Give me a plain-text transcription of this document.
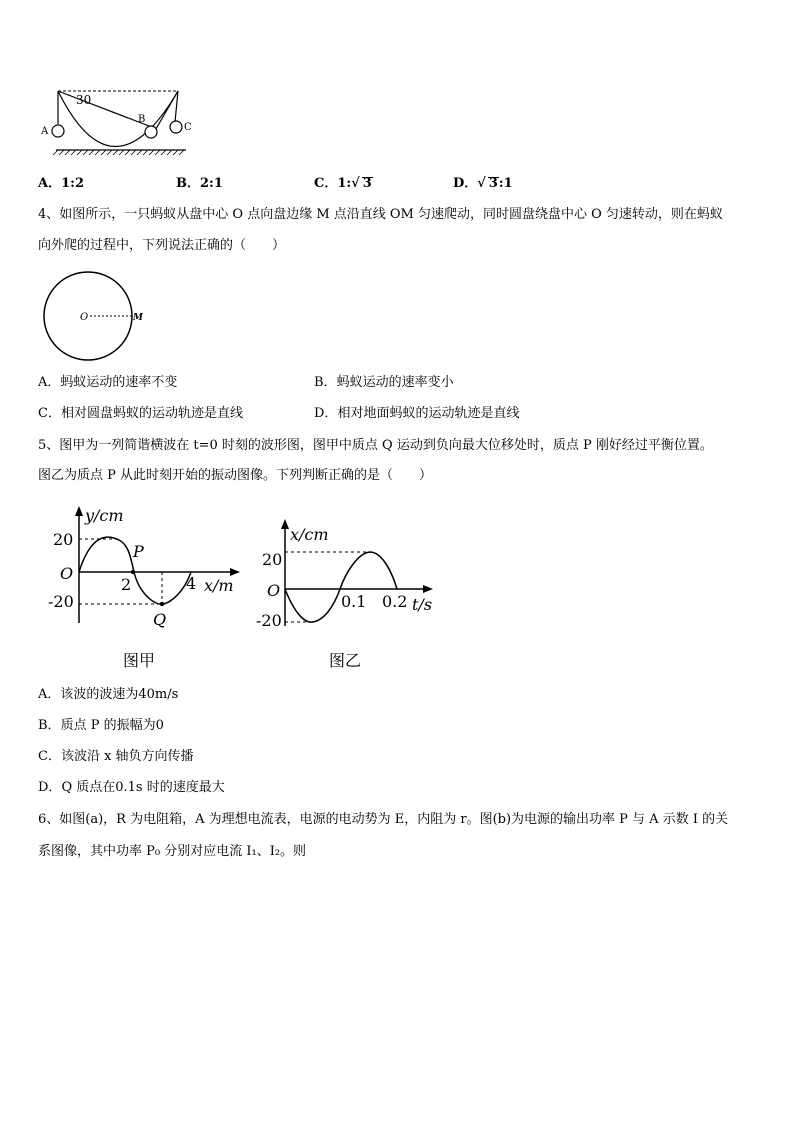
30
A
B
C
A．1:2	B．2:1	C．1:√ 3	D．√ 3:1
4、如图所示，一只蚂蚁从盘中心 O 点向盘边缘 M 点沿直线 OM 匀速爬动，同时圆盘绕盘中心 O 匀速转动，则在蚂蚁
向外爬的过程中，下列说法正确的（　　）
O	M
A．蚂蚁运动的速率不变	B．蚂蚁运动的速率变小
C．相对圆盘蚂蚁的运动轨迹是直线	D．相对地面蚂蚁的运动轨迹是直线
5、图甲为一列简谐横波在 t=0 时刻的波形图，图甲中质点 Q 运动到负向最大位移处时，质点 P 刚好经过平衡位置。
图乙为质点 P 从此时刻开始的振动图像。下列判断正确的是（　　）
y/cm
20
-20
O
2	4 x/m
P
Q
图甲
x/cm
20
-20
O
0.1 0.2 t/s
图乙
A．该波的波速为40m/s
B．质点 P 的振幅为0
C．该波沿 x 轴负方向传播
D．Q 质点在0.1s 时的速度最大
6、如图(a)，R 为电阻箱，A 为理想电流表，电源的电动势为 E，内阻为 r。图(b)为电源的输出功率 P 与 A 示数 I 的关
系图像，其中功率 P₀ 分别对应电流 I₁、I₂。则
